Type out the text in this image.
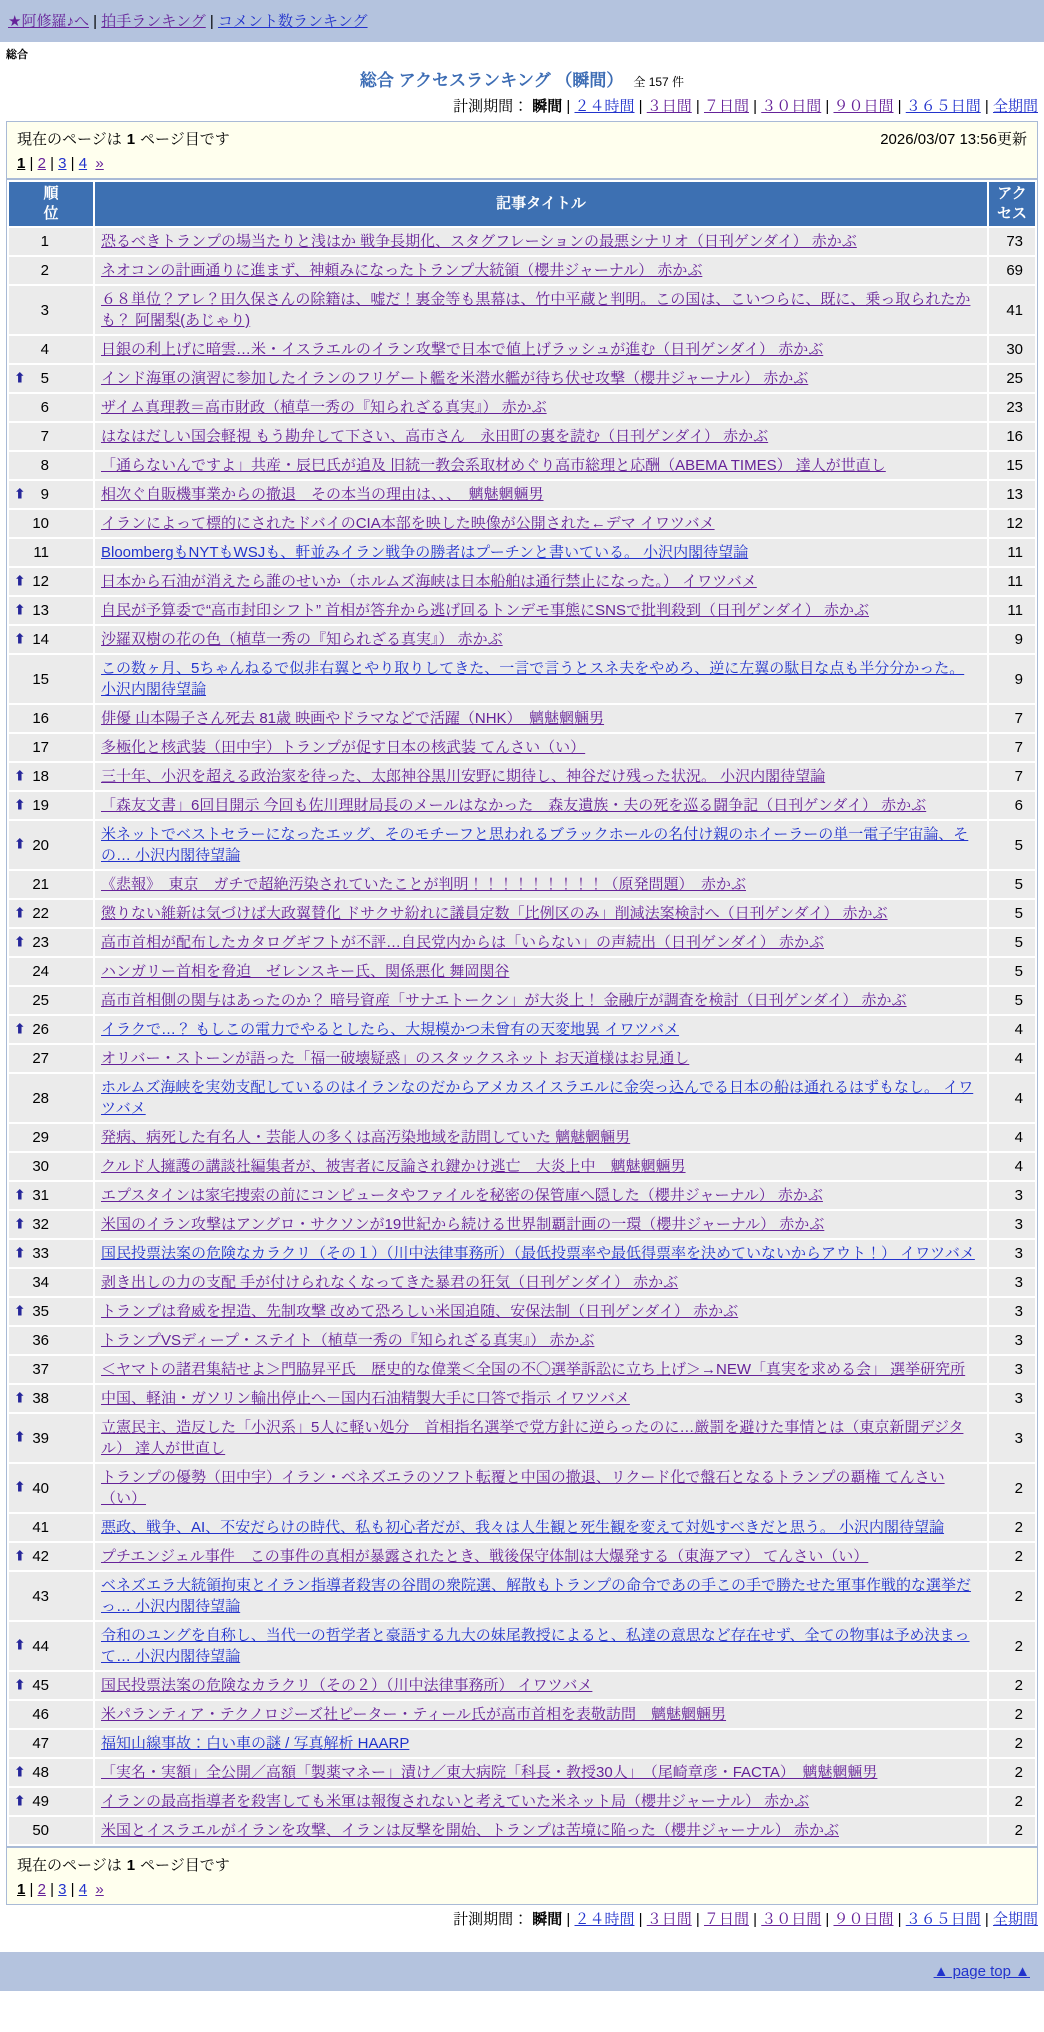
★阿修羅♪へ | 拍手ランキング | コメント数ランキング
総合
総合 アクセスランキング （瞬間） 全 157 件
計測期間： 瞬間 | ２４時間 | ３日間 | ７日間 | ３０日間 | ９０日間 | ３６５日間 | 全期間
現在のページは 1 ページ目です	2026/03/07 13:56更新
1 | 2 | 3 | 4 »
順
位	記事タイトル	アク
セス
1	恐るべきトランプの場当たりと浅はか 戦争長期化、スタグフレーションの最悪シナリオ（日刊ゲンダイ） 赤かぶ	73
2	ネオコンの計画通りに進まず、神頼みになったトランプ大統領（櫻井ジャーナル） 赤かぶ	69
3	６８単位？アレ？田久保さんの除籍は、嘘だ！裏金等も黒幕は、竹中平蔵と判明。この国は、こいつらに、既に、乗っ取られたかも？ 阿闍梨(あじゃり)	41
4	日銀の利上げに暗雲…米・イスラエルのイラン攻撃で日本で値上げラッシュが進む（日刊ゲンダイ） 赤かぶ	30

⬆ 5	インド海軍の演習に参加したイランのフリゲート艦を米潜水艦が待ち伏せ攻撃（櫻井ジャーナル） 赤かぶ	25
6	ザイム真理教＝高市財政（植草一秀の『知られざる真実』） 赤かぶ	23
7	はなはだしい国会軽視 もう勘弁して下さい、高市さん　永田町の裏を読む（日刊ゲンダイ） 赤かぶ	16
8	「通らないんですよ」共産・辰巳氏が追及 旧統一教会系取材めぐり高市総理と応酬（ABEMA TIMES） 達人が世直し	15

⬆ 9	相次ぐ自販機事業からの撤退　その本当の理由は、、、　魑魅魍魎男	13
10	イランによって標的にされたドバイのCIA本部を映した映像が公開された←デマ イワツバメ	12
11	BloombergもNYTもWSJも、軒並みイラン戦争の勝者はプーチンと書いている。 小沢内閣待望論	11

⬆ 12	日本から石油が消えたら誰のせいか（ホルムズ海峡は日本船舶は通行禁止になった。） イワツバメ	11

⬆ 13	自民が予算委で“高市封印シフト” 首相が答弁から逃げ回るトンデモ事態にSNSで批判殺到（日刊ゲンダイ） 赤かぶ	11

⬆ 14	沙羅双樹の花の色（植草一秀の『知られざる真実』） 赤かぶ	9
15	この数ヶ月、5ちゃんねるで似非右翼とやり取りしてきた、一言で言うとスネ夫をやめろ、逆に左翼の駄目な点も半分分かった。 小沢内閣待望論	9
16	俳優 山本陽子さん死去 81歳 映画やドラマなどで活躍（NHK）　魑魅魍魎男	7
17	多極化と核武装（田中宇）トランプが促す日本の核武装 てんさい（い）	7

⬆ 18	三十年、小沢を超える政治家を待った、太郎神谷黒川安野に期待し、神谷だけ残った状況。 小沢内閣待望論	7

⬆ 19	「森友文書」6回目開示 今回も佐川理財局長のメールはなかった　森友遺族・夫の死を巡る闘争記（日刊ゲンダイ） 赤かぶ	6

⬆ 20	米ネットでベストセラーになったエッグ、そのモチーフと思われるブラックホールの名付け親のホイーラーの単一電子宇宙論、その… 小沢内閣待望論	5
21	《悲報》　東京　ガチで超絶汚染されていたことが判明！！！！！！！！！（原発問題）　赤かぶ	5

⬆ 22	懲りない維新は気づけば大政翼賛化 ドサクサ紛れに議員定数「比例区のみ」削減法案検討へ（日刊ゲンダイ） 赤かぶ	5

⬆ 23	高市首相が配布したカタログギフトが不評…自民党内からは「いらない」の声続出（日刊ゲンダイ） 赤かぶ	5
24	ハンガリー首相を脅迫　ゼレンスキー氏、関係悪化 舞岡関谷	5
25	高市首相側の関与はあったのか？ 暗号資産「サナエトークン」が大炎上！ 金融庁が調査を検討（日刊ゲンダイ） 赤かぶ	5

⬆ 26	イラクで…？ もしこの電力でやるとしたら、大規模かつ未曾有の天変地異 イワツバメ	4
27	オリバー・ストーンが語った「福一破壊疑惑」のスタックスネット お天道様はお見通し	4
28	ホルムズ海峡を実効支配しているのはイランなのだからアメカスイスラエルに金突っ込んでる日本の船は通れるはずもなし。 イワツバメ	4
29	発病、病死した有名人・芸能人の多くは高汚染地域を訪問していた 魑魅魍魎男	4
30	クルド人擁護の講談社編集者が、被害者に反論され鍵かけ逃亡　大炎上中　魑魅魍魎男	4

⬆ 31	エプスタインは家宅捜索の前にコンピュータやファイルを秘密の保管庫へ隠した（櫻井ジャーナル） 赤かぶ	3

⬆ 32	米国のイラン攻撃はアングロ・サクソンが19世紀から続ける世界制覇計画の一環（櫻井ジャーナル） 赤かぶ	3

⬆ 33	国民投票法案の危険なカラクリ（その１）（川中法律事務所）（最低投票率や最低得票率を決めていないからアウト！） イワツバメ	3
34	剥き出しの力の支配 手が付けられなくなってきた暴君の狂気（日刊ゲンダイ） 赤かぶ	3

⬆ 35	トランプは脅威を捏造、先制攻撃 改めて恐ろしい米国追随、安保法制（日刊ゲンダイ） 赤かぶ	3
36	トランプVSディープ・ステイト（植草一秀の『知られざる真実』） 赤かぶ	3
37	＜ヤマトの諸君集結せよ＞門脇昇平氏　歴史的な偉業＜全国の不〇選挙訴訟に立ち上げ＞→NEW「真実を求める会」 選挙研究所	3

⬆ 38	中国、軽油・ガソリン輸出停止へ－国内石油精製大手に口答で指示 イワツバメ	3

⬆ 39	立憲民主、造反した「小沢系」5人に軽い処分　首相指名選挙で党方針に逆らったのに…厳罰を避けた事情とは（東京新聞デジタル） 達人が世直し	3

⬆ 40	トランプの優勢（田中宇）イラン・ベネズエラのソフト転覆と中国の撤退、リクード化で盤石となるトランプの覇権 てんさい（い）	2
41	悪政、戦争、AI、不安だらけの時代、私も初心者だが、我々は人生観と死生観を変えて対処すべきだと思う。 小沢内閣待望論	2

⬆ 42	プチエンジェル事件　この事件の真相が暴露されたとき、戦後保守体制は大爆発する（東海アマ） てんさい（い）	2
43	ベネズエラ大統領拘束とイラン指導者殺害の谷間の衆院選、解散もトランプの命令であの手この手で勝たせた軍事作戦的な選挙だっ… 小沢内閣待望論	2

⬆ 44	令和のユングを自称し、当代一の哲学者と豪語する九大の妹尾教授によると、私達の意思など存在せず、全ての物事は予め決まって… 小沢内閣待望論	2

⬆ 45	国民投票法案の危険なカラクリ（その２）（川中法律事務所） イワツバメ	2
46	米パランティア・テクノロジーズ社ピーター・ティール氏が高市首相を表敬訪問　魑魅魍魎男	2
47	福知山線事故：白い車の謎 / 写真解析 HAARP	2

⬆ 48	「実名・実額」全公開／高額「製薬マネー」漬け／東大病院「科長・教授30人」　（尾崎章彦・FACTA）　魑魅魍魎男	2

⬆ 49	イランの最高指導者を殺害しても米軍は報復されないと考えていた米ネット局（櫻井ジャーナル） 赤かぶ	2
50	米国とイスラエルがイランを攻撃、イランは反撃を開始、トランプは苦境に陥った（櫻井ジャーナル） 赤かぶ	2
現在のページは 1 ページ目です
1 | 2 | 3 | 4 »
計測期間： 瞬間 | ２４時間 | ３日間 | ７日間 | ３０日間 | ９０日間 | ３６５日間 | 全期間
▲ page top ▲
